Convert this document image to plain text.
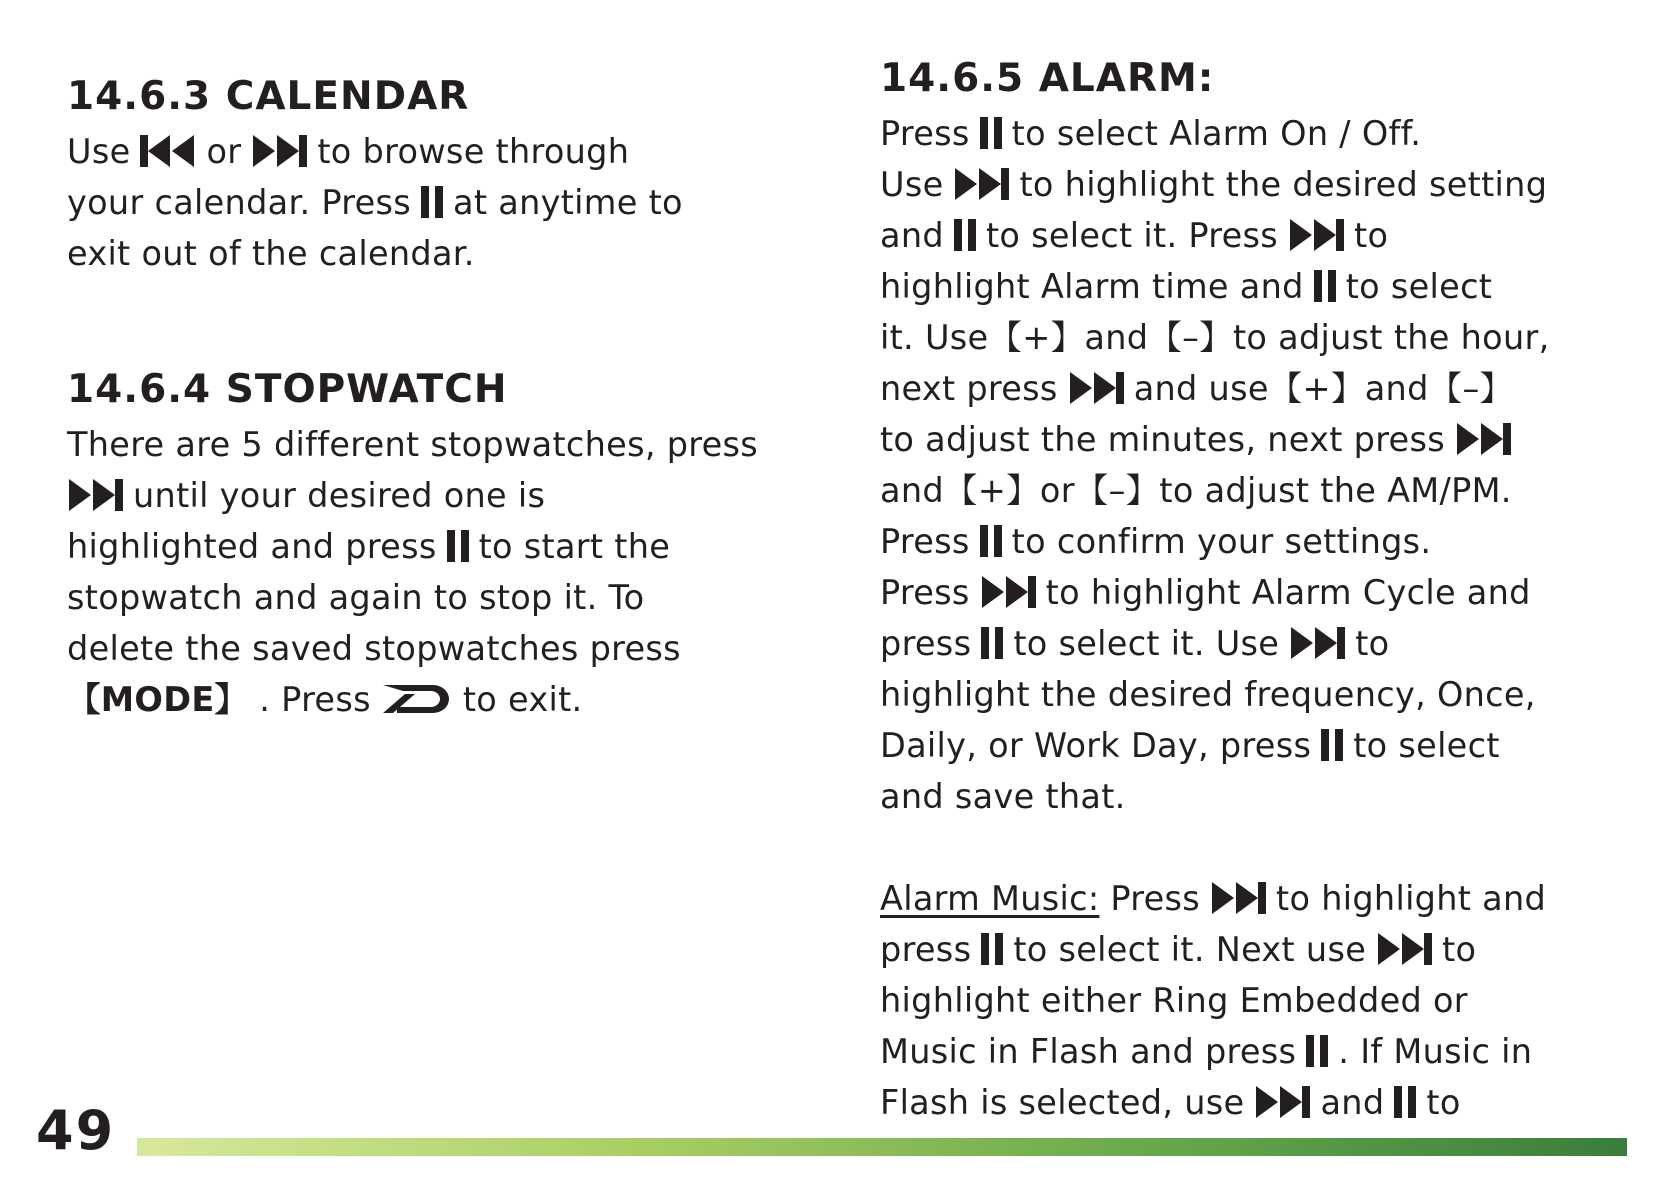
14.6.3 CALENDAR
Use or to browse through
your calendar. Press at anytime to
exit out of the calendar.
14.6.4 STOPWATCH
There are 5 different stopwatches, press
until your desired one is
highlighted and press to start the
stopwatch and again to stop it. To
delete the saved stopwatches press
【MODE】 . Press	to exit.
14.6.5 ALARM:
Press to select Alarm On / Off.
Use to highlight the desired setting
and to select it. Press to
highlight Alarm time and to select
it. Use【+】and【–】to adjust the hour,
next press and use【+】and【–】
to adjust the minutes, next press
and【+】or【–】to adjust the AM/PM.
Press to confirm your settings.
Press to highlight Alarm Cycle and
press to select it. Use to
highlight the desired frequency, Once,
Daily, or Work Day, press to select
and save that.
Alarm Music: Press to highlight and
press to select it. Next use to
highlight either Ring Embedded or
Music in Flash and press . If Music in
Flash is selected, use and to
49
